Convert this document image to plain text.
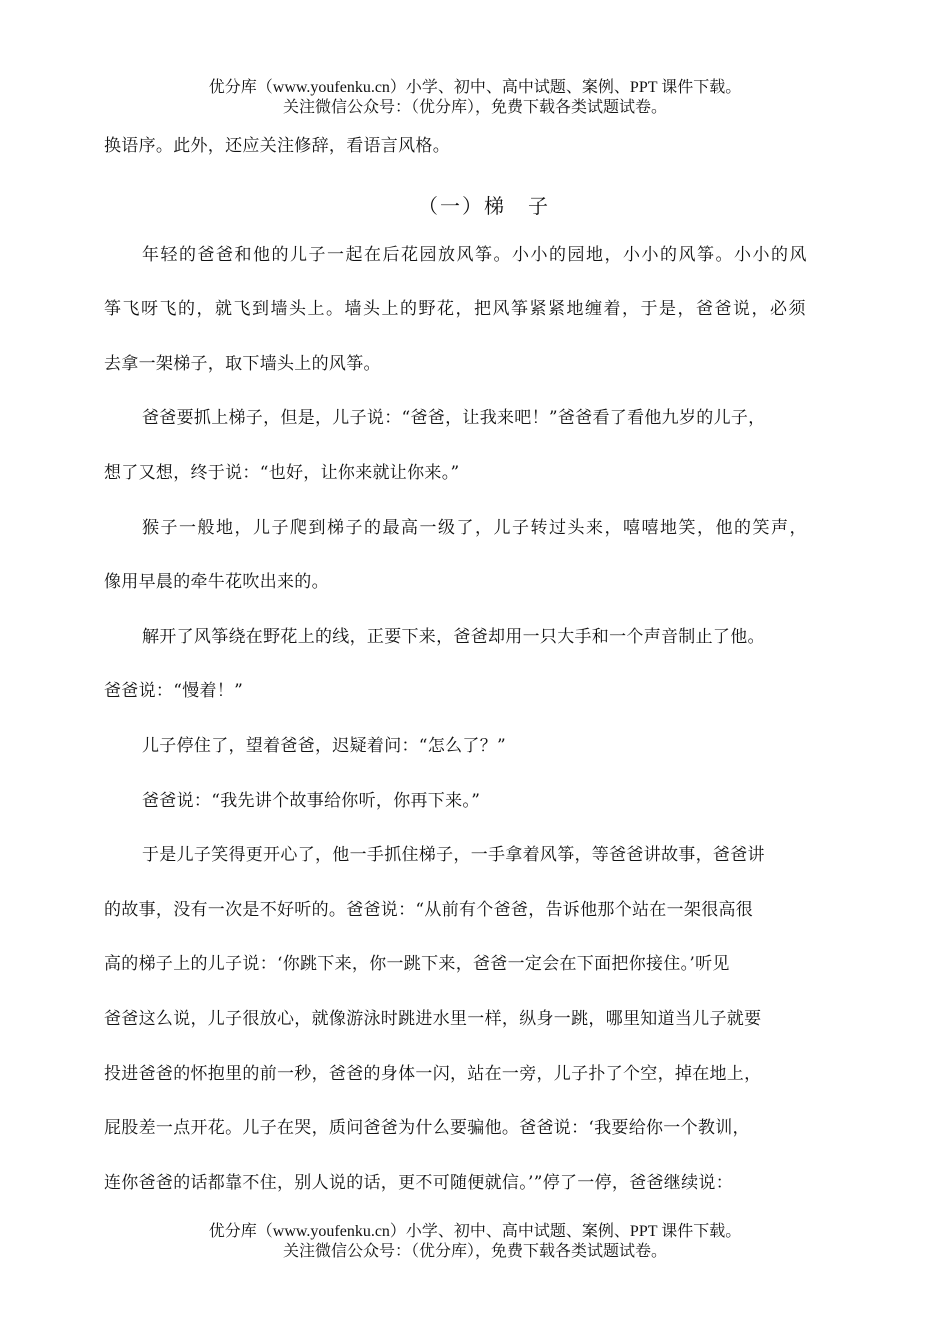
优分库（www.youfenku.cn）小学、初中、高中试题、案例、PPT 课件下载。
关注微信公众号：（优分库），免费下载各类试题试卷。
换语序。此外，还应关注修辞，看语言风格。
（一）梯　子
年轻的爸爸和他的儿子一起在后花园放风筝。小小的园地，小小的风筝。小小的风
筝飞呀飞的，就飞到墙头上。墙头上的野花，把风筝紧紧地缠着，于是，爸爸说，必须
去拿一架梯子，取下墙头上的风筝。
爸爸要抓上梯子，但是，儿子说：“爸爸，让我来吧！”爸爸看了看他九岁的儿子，
想了又想，终于说：“也好，让你来就让你来。”
猴子一般地，儿子爬到梯子的最高一级了，儿子转过头来，嘻嘻地笑，他的笑声，
像用早晨的牵牛花吹出来的。
解开了风筝绕在野花上的线，正要下来，爸爸却用一只大手和一个声音制止了他。
爸爸说：“慢着！”
儿子停住了，望着爸爸，迟疑着问：“怎么了？”
爸爸说：“我先讲个故事给你听，你再下来。”
于是儿子笑得更开心了，他一手抓住梯子，一手拿着风筝，等爸爸讲故事，爸爸讲
的故事，没有一次是不好听的。爸爸说：“从前有个爸爸，告诉他那个站在一架很高很
高的梯子上的儿子说：‘你跳下来，你一跳下来，爸爸一定会在下面把你接住。’听见
爸爸这么说，儿子很放心，就像游泳时跳进水里一样，纵身一跳，哪里知道当儿子就要
投进爸爸的怀抱里的前一秒，爸爸的身体一闪，站在一旁，儿子扑了个空，掉在地上，
屁股差一点开花。儿子在哭，质问爸爸为什么要骗他。爸爸说：‘我要给你一个教训，
连你爸爸的话都靠不住，别人说的话，更不可随便就信。’”停了一停，爸爸继续说：
优分库（www.youfenku.cn）小学、初中、高中试题、案例、PPT 课件下载。
关注微信公众号：（优分库），免费下载各类试题试卷。
